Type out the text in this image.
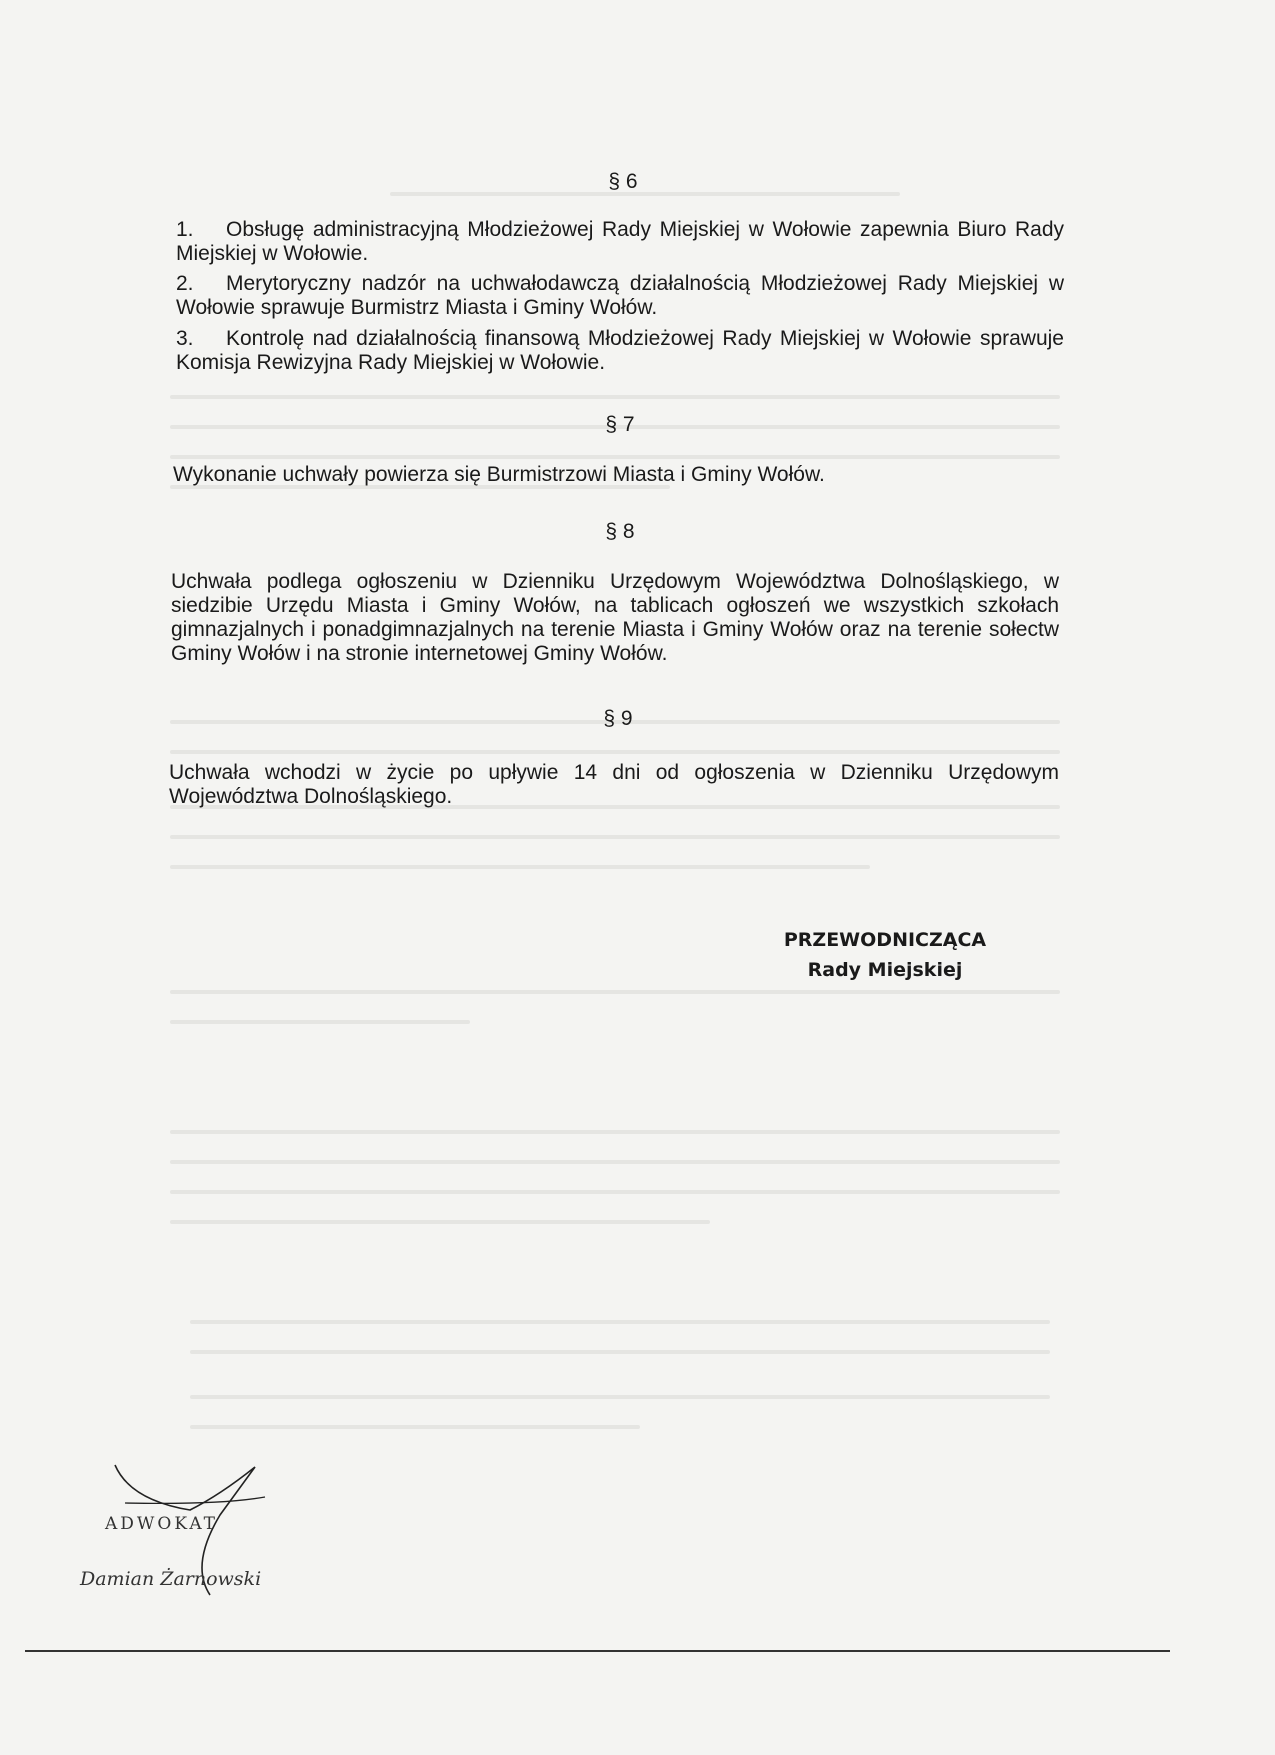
§ 6
1. Obsługę administracyjną Młodzieżowej Rady Miejskiej w Wołowie zapewnia Biuro Rady Miejskiej w Wołowie.
2. Merytoryczny nadzór na uchwałodawczą działalnością Młodzieżowej Rady Miejskiej w Wołowie sprawuje Burmistrz Miasta i Gminy Wołów.
3. Kontrolę nad działalnością finansową Młodzieżowej Rady Miejskiej w Wołowie sprawuje Komisja Rewizyjna Rady Miejskiej w Wołowie.
§ 7
Wykonanie uchwały powierza się Burmistrzowi Miasta i Gminy Wołów.
§ 8
Uchwała podlega ogłoszeniu w Dzienniku Urzędowym Województwa Dolnośląskiego, w siedzibie Urzędu Miasta i Gminy Wołów, na tablicach ogłoszeń we wszystkich szkołach gimnazjalnych i ponadgimnazjalnych na terenie Miasta i Gminy Wołów oraz na terenie sołectw Gminy Wołów i na stronie internetowej Gminy Wołów.
§ 9
Uchwała wchodzi w życie po upływie 14 dni od ogłoszenia w Dzienniku Urzędowym Województwa Dolnośląskiego.
PRZEWODNICZĄCA
Rady Miejskiej
ADWOKAT
Damian Żarnowski
